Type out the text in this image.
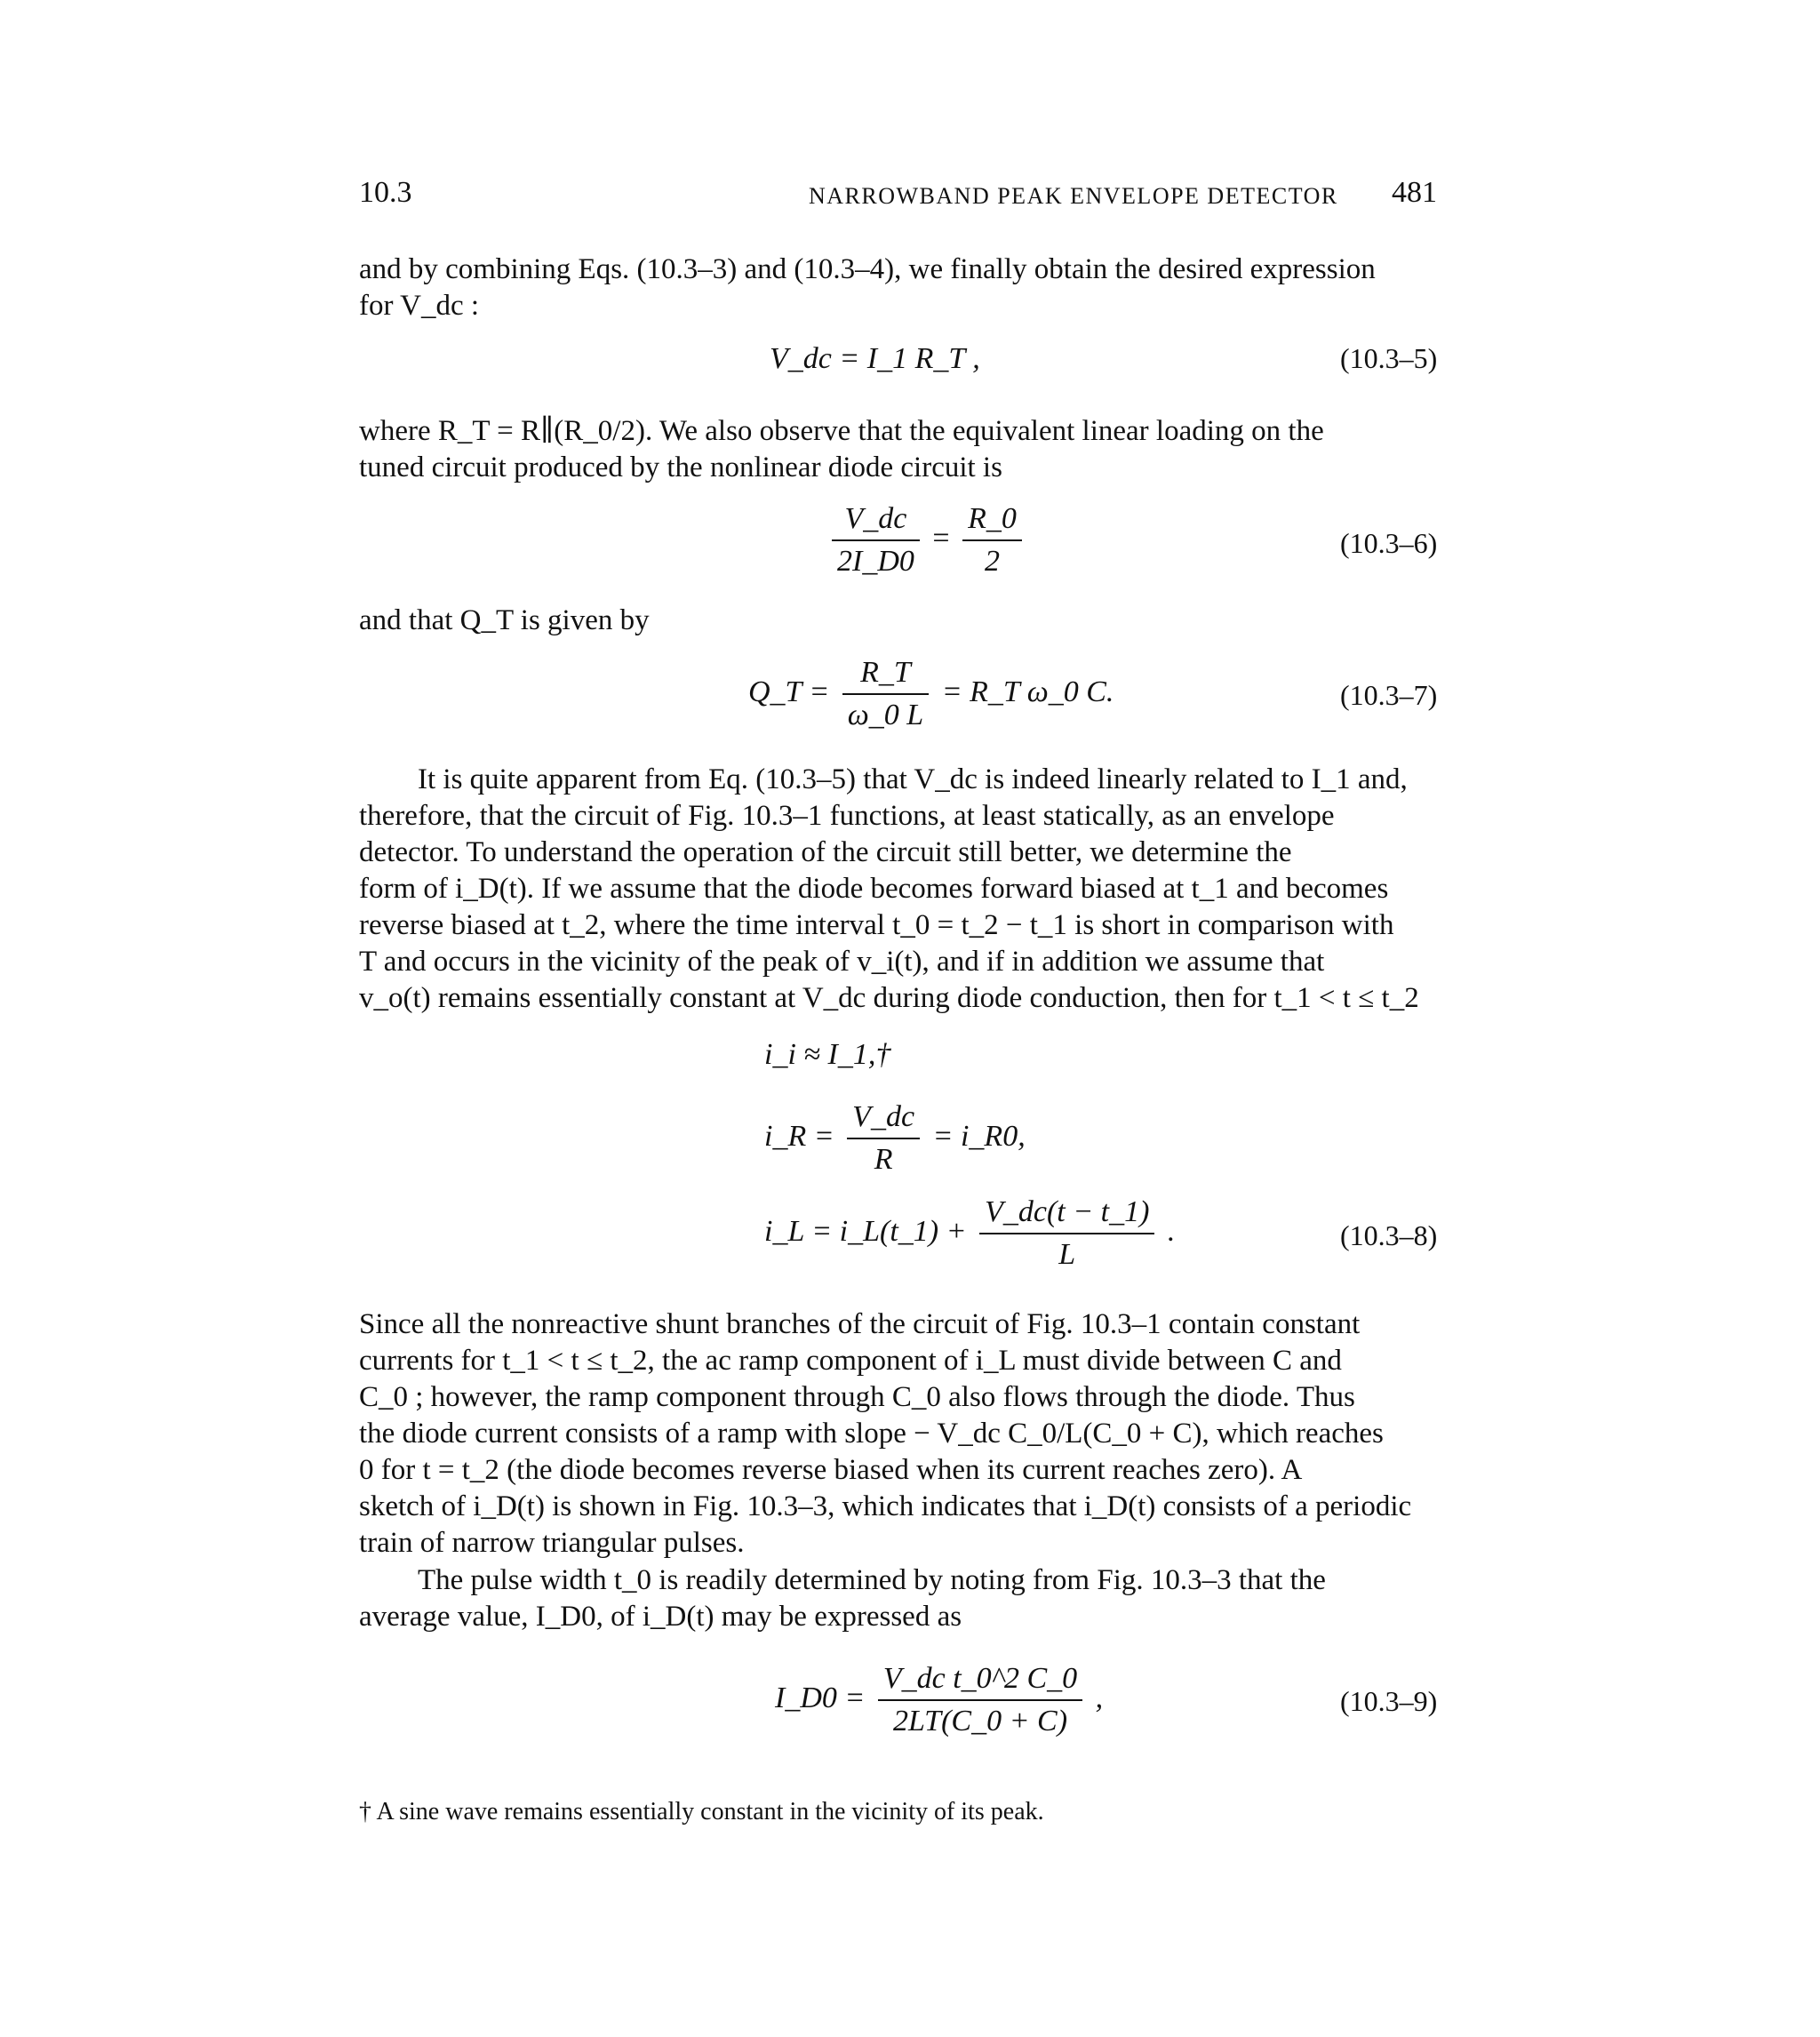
10.3	NARROWBAND PEAK ENVELOPE DETECTOR 481
and by combining Eqs. (10.3–3) and (10.3–4), we finally obtain the desired expression
for V_dc :
V_dc = I_1 R_T ,	(10.3–5)
where R_T = R∥(R_0/2). We also observe that the equivalent linear loading on the
tuned circuit produced by the nonlinear diode circuit is
$\frac{V\_dc}{2I\_D0} = \frac{R\_0}{2}$	(10.3–6)
and that Q_T is given by
Q_T = $\frac{R\_T}{\omega\_0 L}$ = R_T ω_0 C.	(10.3–7)
It is quite apparent from Eq. (10.3–5) that V_dc is indeed linearly related to I_1 and,
therefore, that the circuit of Fig. 10.3–1 functions, at least statically, as an envelope
detector. To understand the operation of the circuit still better, we determine the
form of i_D(t). If we assume that the diode becomes forward biased at t_1 and becomes
reverse biased at t_2, where the time interval t_0 = t_2 − t_1 is short in comparison with
T and occurs in the vicinity of the peak of v_i(t), and if in addition we assume that
v_o(t) remains essentially constant at V_dc during diode conduction, then for t_1 < t ≤ t_2
i_i ≈ I_1,†
i_R = $\frac{V\_dc}{R}$ = i_R0,
i_L = i_L(t_1) + $\frac{V\_dc(t - t\_1)}{L}$ .	(10.3–8)
Since all the nonreactive shunt branches of the circuit of Fig. 10.3–1 contain constant
currents for t_1 < t ≤ t_2, the ac ramp component of i_L must divide between C and
C_0 ; however, the ramp component through C_0 also flows through the diode. Thus
the diode current consists of a ramp with slope − V_dc C_0/L(C_0 + C), which reaches
0 for t = t_2 (the diode becomes reverse biased when its current reaches zero). A
sketch of i_D(t) is shown in Fig. 10.3–3, which indicates that i_D(t) consists of a periodic
train of narrow triangular pulses.
The pulse width t_0 is readily determined by noting from Fig. 10.3–3 that the
average value, I_D0, of i_D(t) may be expressed as
I_D0 = $\frac{\text{V\_dc t\_0\textasciicircum{}2 C\_0}}{2LT(C\_0 + C)}$ ,	(10.3–9)
† A sine wave remains essentially constant in the vicinity of its peak.
